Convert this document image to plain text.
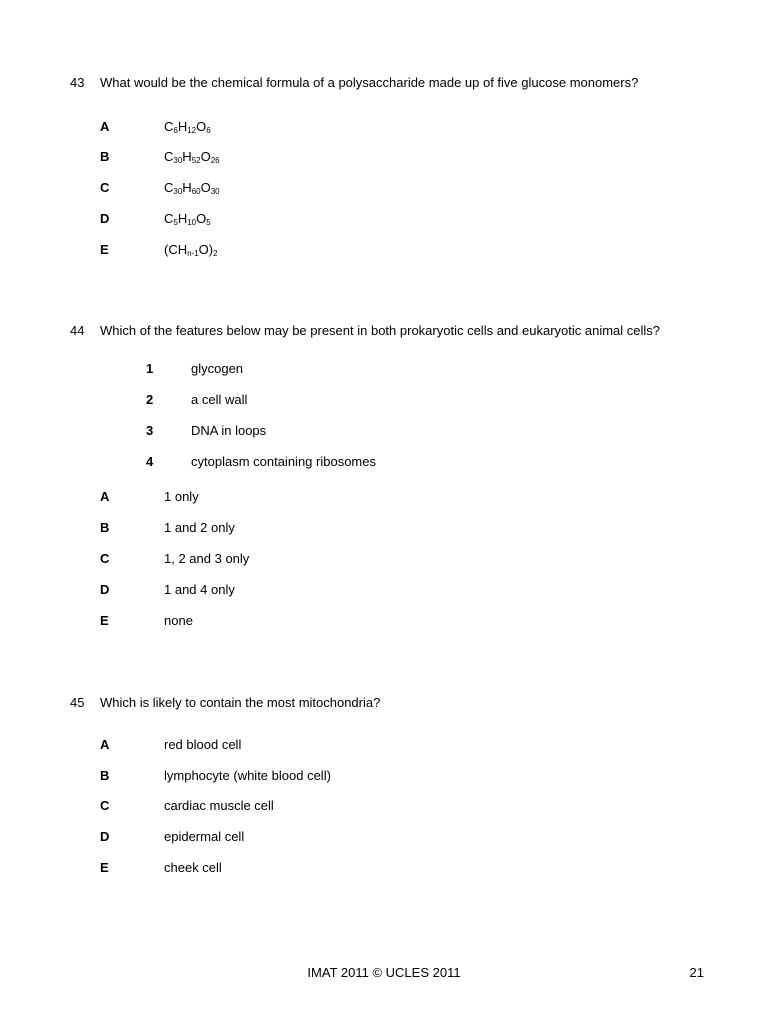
43	What would be the chemical formula of a polysaccharide made up of five glucose monomers?
A	$C_6H_{12}O_6$
B	$C_{30}H_{52}O_{26}$
C	$C_{30}H_{60}O_{30}$
D	$C_5H_{10}O_5$
E	$(CH_{n-1}O)_2$
44	Which of the features below may be present in both prokaryotic cells and eukaryotic animal cells?
1	glycogen
2	a cell wall
3	DNA in loops
4	cytoplasm containing ribosomes
A	1 only
B	1 and 2 only
C	1, 2 and 3 only
D	1 and 4 only
E	none
45	Which is likely to contain the most mitochondria?
A	red blood cell
B	lymphocyte (white blood cell)
C	cardiac muscle cell
D	epidermal cell
E	cheek cell
IMAT 2011 © UCLES 2011	21
